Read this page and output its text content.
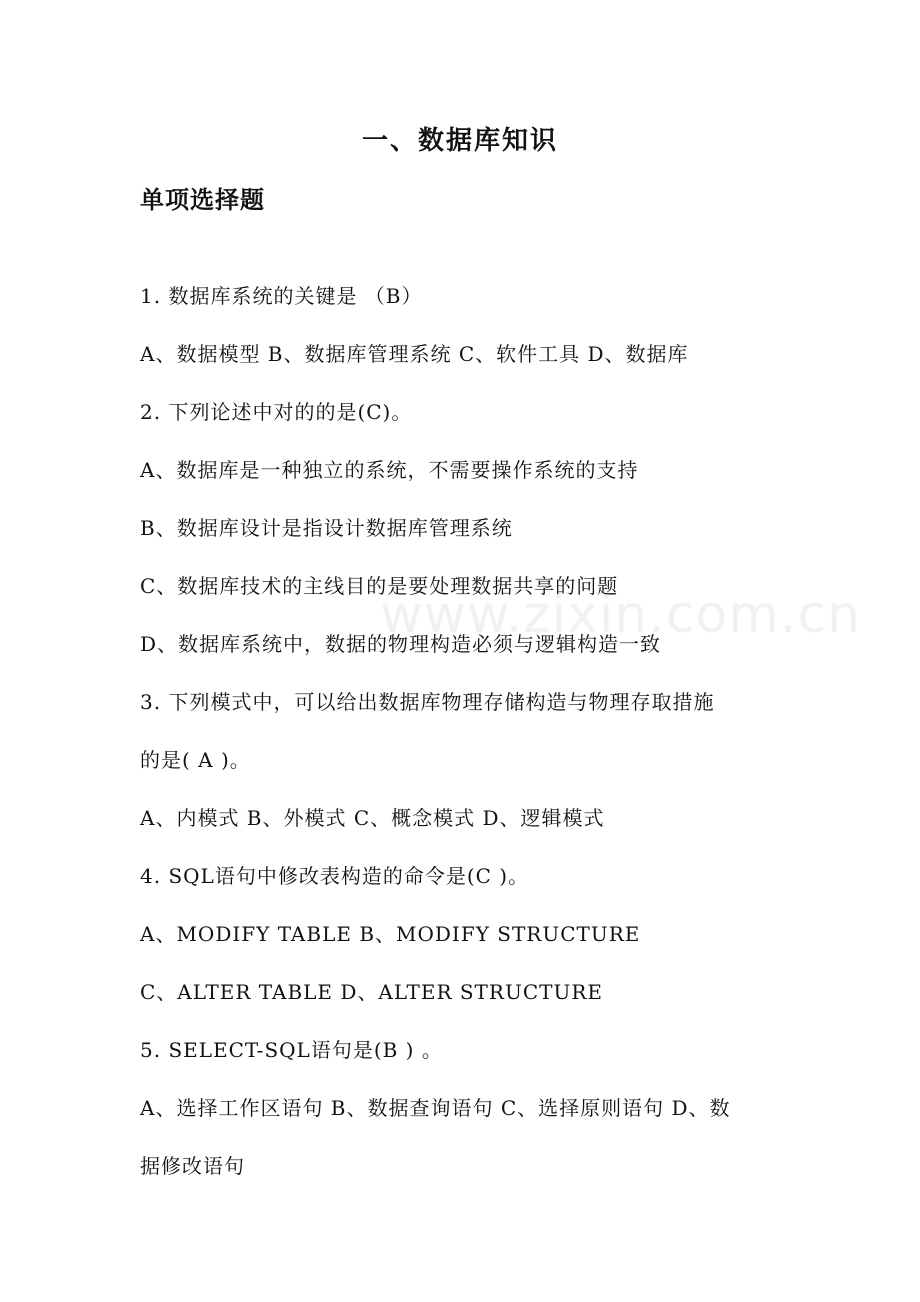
一、数据库知识
单项选择题
1. 数据库系统的关键是 （B）
A、数据模型 B、数据库管理系统 C、软件工具 D、数据库
2. 下列论述中对的的是(C)。
A、数据库是一种独立的系统，不需要操作系统的支持
B、数据库设计是指设计数据库管理系统
C、数据库技术的主线目的是要处理数据共享的问题
D、数据库系统中，数据的物理构造必须与逻辑构造一致
3. 下列模式中，可以给出数据库物理存储构造与物理存取措施
的是( A )。
A、内模式 B、外模式 C、概念模式 D、逻辑模式
4. SQL语句中修改表构造的命令是(C )。
A、MODIFY TABLE B、MODIFY STRUCTURE
C、ALTER TABLE D、ALTER STRUCTURE
5. SELECT-SQL语句是(B ) 。
A、选择工作区语句 B、数据查询语句 C、选择原则语句 D、数
据修改语句
www.zixin.com.cn
